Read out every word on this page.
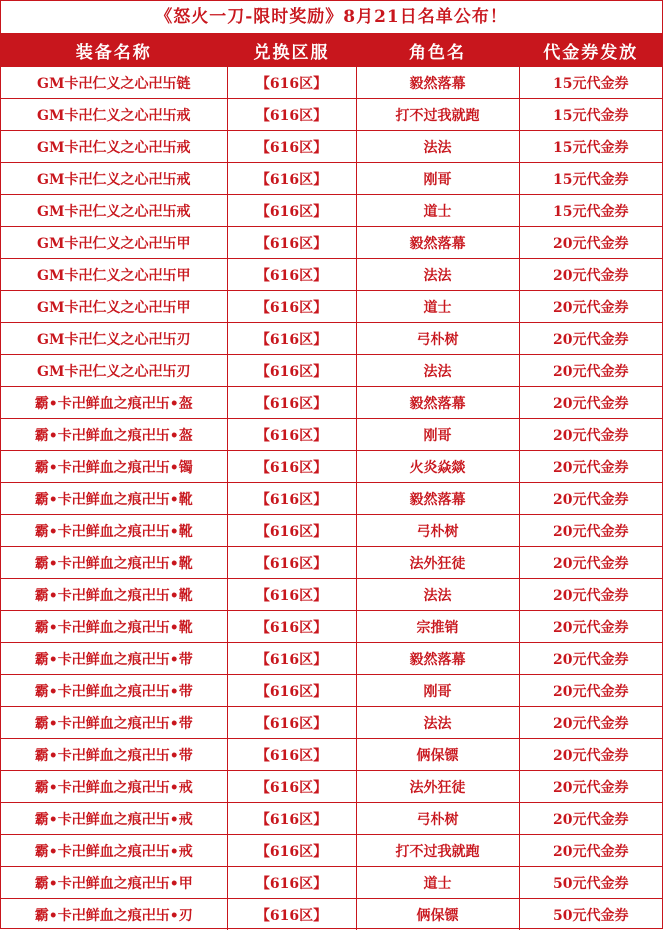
《怒火一刀-限时奖励》8月21日名单公布！
装备名称	兑换区服	角色名	代金券发放
GM卡卍仁义之心卍卐链	【616区】	毅然落幕	15元代金券
GM卡卍仁义之心卍卐戒	【616区】	打不过我就跑	15元代金券
GM卡卍仁义之心卍卐戒	【616区】	法法	15元代金券
GM卡卍仁义之心卍卐戒	【616区】	刚哥	15元代金券
GM卡卍仁义之心卍卐戒	【616区】	道士	15元代金券
GM卡卍仁义之心卍卐甲	【616区】	毅然落幕	20元代金券
GM卡卍仁义之心卍卐甲	【616区】	法法	20元代金券
GM卡卍仁义之心卍卐甲	【616区】	道士	20元代金券
GM卡卍仁义之心卍卐刃	【616区】	弓朴树	20元代金券
GM卡卍仁义之心卍卐刃	【616区】	法法	20元代金券
霸•卡卍鲜血之痕卍卐•盔	【616区】	毅然落幕	20元代金券
霸•卡卍鲜血之痕卍卐•盔	【616区】	刚哥	20元代金券
霸•卡卍鲜血之痕卍卐•镯	【616区】	火炎焱燚	20元代金券
霸•卡卍鲜血之痕卍卐•靴	【616区】	毅然落幕	20元代金券
霸•卡卍鲜血之痕卍卐•靴	【616区】	弓朴树	20元代金券
霸•卡卍鲜血之痕卍卐•靴	【616区】	法外狂徒	20元代金券
霸•卡卍鲜血之痕卍卐•靴	【616区】	法法	20元代金券
霸•卡卍鲜血之痕卍卐•靴	【616区】	宗推销	20元代金券
霸•卡卍鲜血之痕卍卐•带	【616区】	毅然落幕	20元代金券
霸•卡卍鲜血之痕卍卐•带	【616区】	刚哥	20元代金券
霸•卡卍鲜血之痕卍卐•带	【616区】	法法	20元代金券
霸•卡卍鲜血之痕卍卐•带	【616区】	俩保镖	20元代金券
霸•卡卍鲜血之痕卍卐•戒	【616区】	法外狂徒	20元代金券
霸•卡卍鲜血之痕卍卐•戒	【616区】	弓朴树	20元代金券
霸•卡卍鲜血之痕卍卐•戒	【616区】	打不过我就跑	20元代金券
霸•卡卍鲜血之痕卍卐•甲	【616区】	道士	50元代金券
霸•卡卍鲜血之痕卍卐•刃	【616区】	俩保镖	50元代金券
